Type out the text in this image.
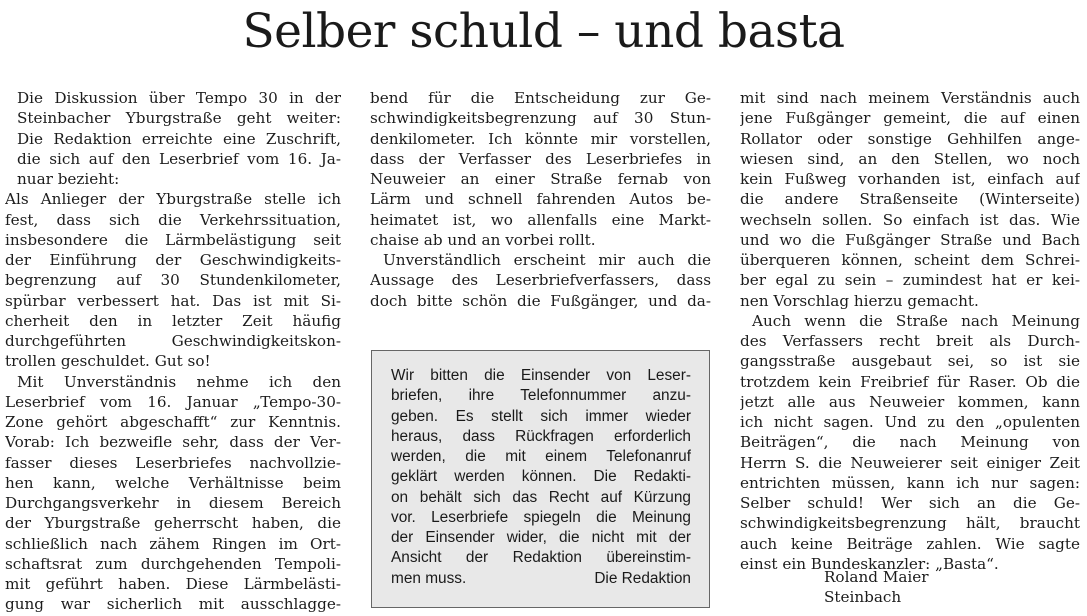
Selber schuld – und basta
Die Diskussion über Tempo 30 in der
Steinbacher Yburgstraße geht weiter:
Die Redaktion erreichte eine Zuschrift,
die sich auf den Leserbrief vom 16. Ja-
nuar bezieht:
Als Anlieger der Yburgstraße stelle ich
fest, dass sich die Verkehrssituation,
insbesondere die Lärmbelästigung seit
der Einführung der Geschwindigkeits-
begrenzung auf 30 Stundenkilometer,
spürbar verbessert hat. Das ist mit Si-
cherheit den in letzter Zeit häufig
durchgeführten Geschwindigkeitskon-
trollen geschuldet. Gut so!
Mit Unverständnis nehme ich den
Leserbrief vom 16. Januar „Tempo-30-
Zone gehört abgeschafft“ zur Kenntnis.
Vorab: Ich bezweifle sehr, dass der Ver-
fasser dieses Leserbriefes nachvollzie-
hen kann, welche Verhältnisse beim
Durchgangsverkehr in diesem Bereich
der Yburgstraße geherrscht haben, die
schließlich nach zähem Ringen im Ort-
schaftsrat zum durchgehenden Tempoli-
mit geführt haben. Diese Lärmbelästi-
gung war sicherlich mit ausschlagge-
bend für die Entscheidung zur Ge-
schwindigkeitsbegrenzung auf 30 Stun-
denkilometer. Ich könnte mir vorstellen,
dass der Verfasser des Leserbriefes in
Neuweier an einer Straße fernab von
Lärm und schnell fahrenden Autos be-
heimatet ist, wo allenfalls eine Markt-
chaise ab und an vorbei rollt.
Unverständlich erscheint mir auch die
Aussage des Leserbriefverfassers, dass
doch bitte schön die Fußgänger, und da-
mit sind nach meinem Verständnis auch
jene Fußgänger gemeint, die auf einen
Rollator oder sonstige Gehhilfen ange-
wiesen sind, an den Stellen, wo noch
kein Fußweg vorhanden ist, einfach auf
die andere Straßenseite (Winterseite)
wechseln sollen. So einfach ist das. Wie
und wo die Fußgänger Straße und Bach
überqueren können, scheint dem Schrei-
ber egal zu sein – zumindest hat er kei-
nen Vorschlag hierzu gemacht.
Auch wenn die Straße nach Meinung
des Verfassers recht breit als Durch-
gangsstraße ausgebaut sei, so ist sie
trotzdem kein Freibrief für Raser. Ob die
jetzt alle aus Neuweier kommen, kann
ich nicht sagen. Und zu den „opulenten
Beiträgen“, die nach Meinung von
Herrn S. die Neuweierer seit einiger Zeit
entrichten müssen, kann ich nur sagen:
Selber schuld! Wer sich an die Ge-
schwindigkeitsbegrenzung hält, braucht
auch keine Beiträge zahlen. Wie sagte
einst ein Bundeskanzler: „Basta“.
Wir bitten die Einsender von Leser-
briefen, ihre Telefonnummer anzu-
geben. Es stellt sich immer wieder
heraus, dass Rückfragen erforderlich
werden, die mit einem Telefonanruf
geklärt werden können. Die Redakti-
on behält sich das Recht auf Kürzung
vor. Leserbriefe spiegeln die Meinung
der Einsender wider, die nicht mit der
Ansicht der Redaktion übereinstim-
men muss.	Die Redaktion	Roland Maier
Steinbach
